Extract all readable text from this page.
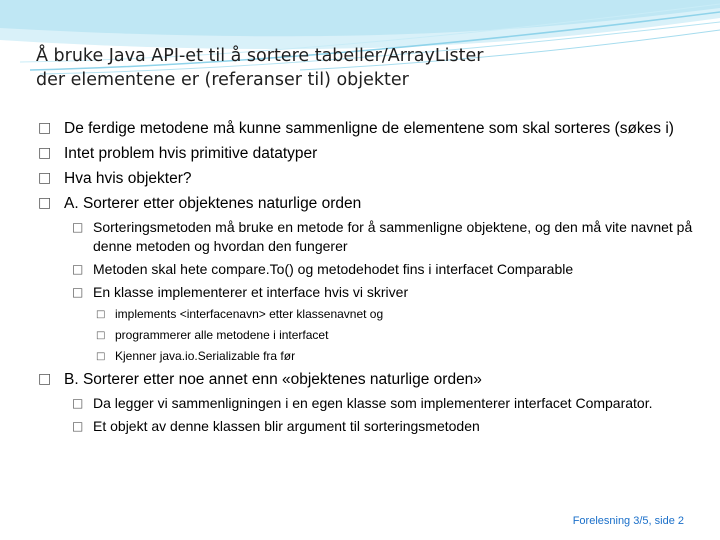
Å bruke Java API-et til å sortere tabeller/ArrayLister
der elementene er (referanser til) objekter
□ De ferdige metodene må kunne sammenligne de elementene som skal sorteres (søkes i)
□ Intet problem hvis primitive datatyper
□ Hva hvis objekter?
□ A. Sorterer etter objektenes naturlige orden
□ Sorteringsmetoden må bruke en metode for å sammenligne objektene, og den må vite navnet på denne metoden og hvordan den fungerer
□ Metoden skal hete compare.To() og metodehodet fins i interfacet Comparable
□ En klasse implementerer et interface hvis vi skriver
□ implements <interfacenavn> etter klassenavnet og
□ programmerer alle metodene i interfacet
□ Kjenner java.io.Serializable fra før
□ B. Sorterer etter noe annet enn «objektenes naturlige orden»
□ Da legger vi sammenligningen i en egen klasse som implementerer interfacet Comparator.
□ Et objekt av denne klassen blir argument til sorteringsmetoden
Forelesning 3/5, side 2
